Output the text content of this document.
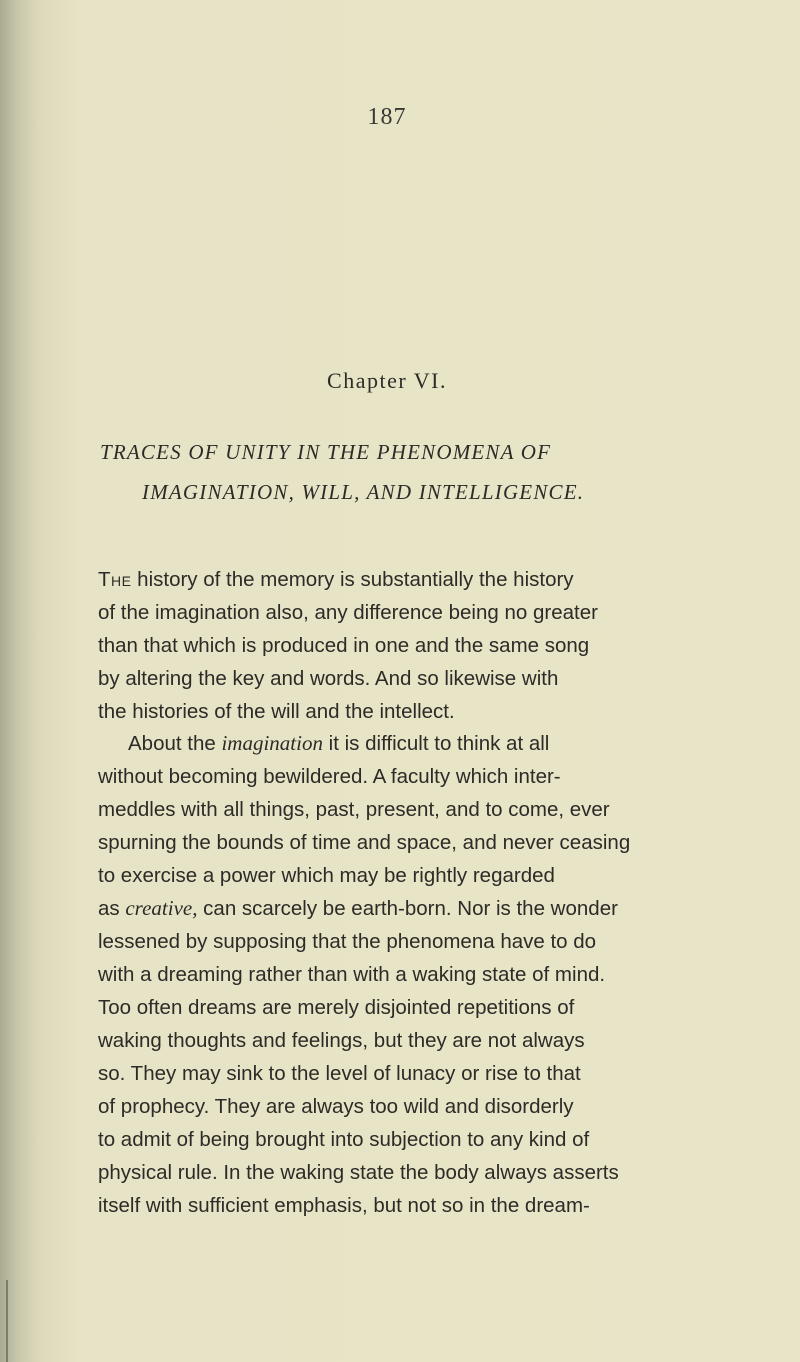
187
Chapter VI.
TRACES OF UNITY IN THE PHENOMENA OF
IMAGINATION, WILL, AND INTELLIGENCE.
The history of the memory is substantially the history
of the imagination also, any difference being no greater
than that which is produced in one and the same song
by altering the key and words. And so likewise with
the histories of the will and the intellect.
About the imagination it is difficult to think at all
without becoming bewildered. A faculty which inter-
meddles with all things, past, present, and to come, ever
spurning the bounds of time and space, and never ceasing
to exercise a power which may be rightly regarded
as creative, can scarcely be earth-born. Nor is the wonder
lessened by supposing that the phenomena have to do
with a dreaming rather than with a waking state of mind.
Too often dreams are merely disjointed repetitions of
waking thoughts and feelings, but they are not always
so. They may sink to the level of lunacy or rise to that
of prophecy. They are always too wild and disorderly
to admit of being brought into subjection to any kind of
physical rule. In the waking state the body always asserts
itself with sufficient emphasis, but not so in the dream-
